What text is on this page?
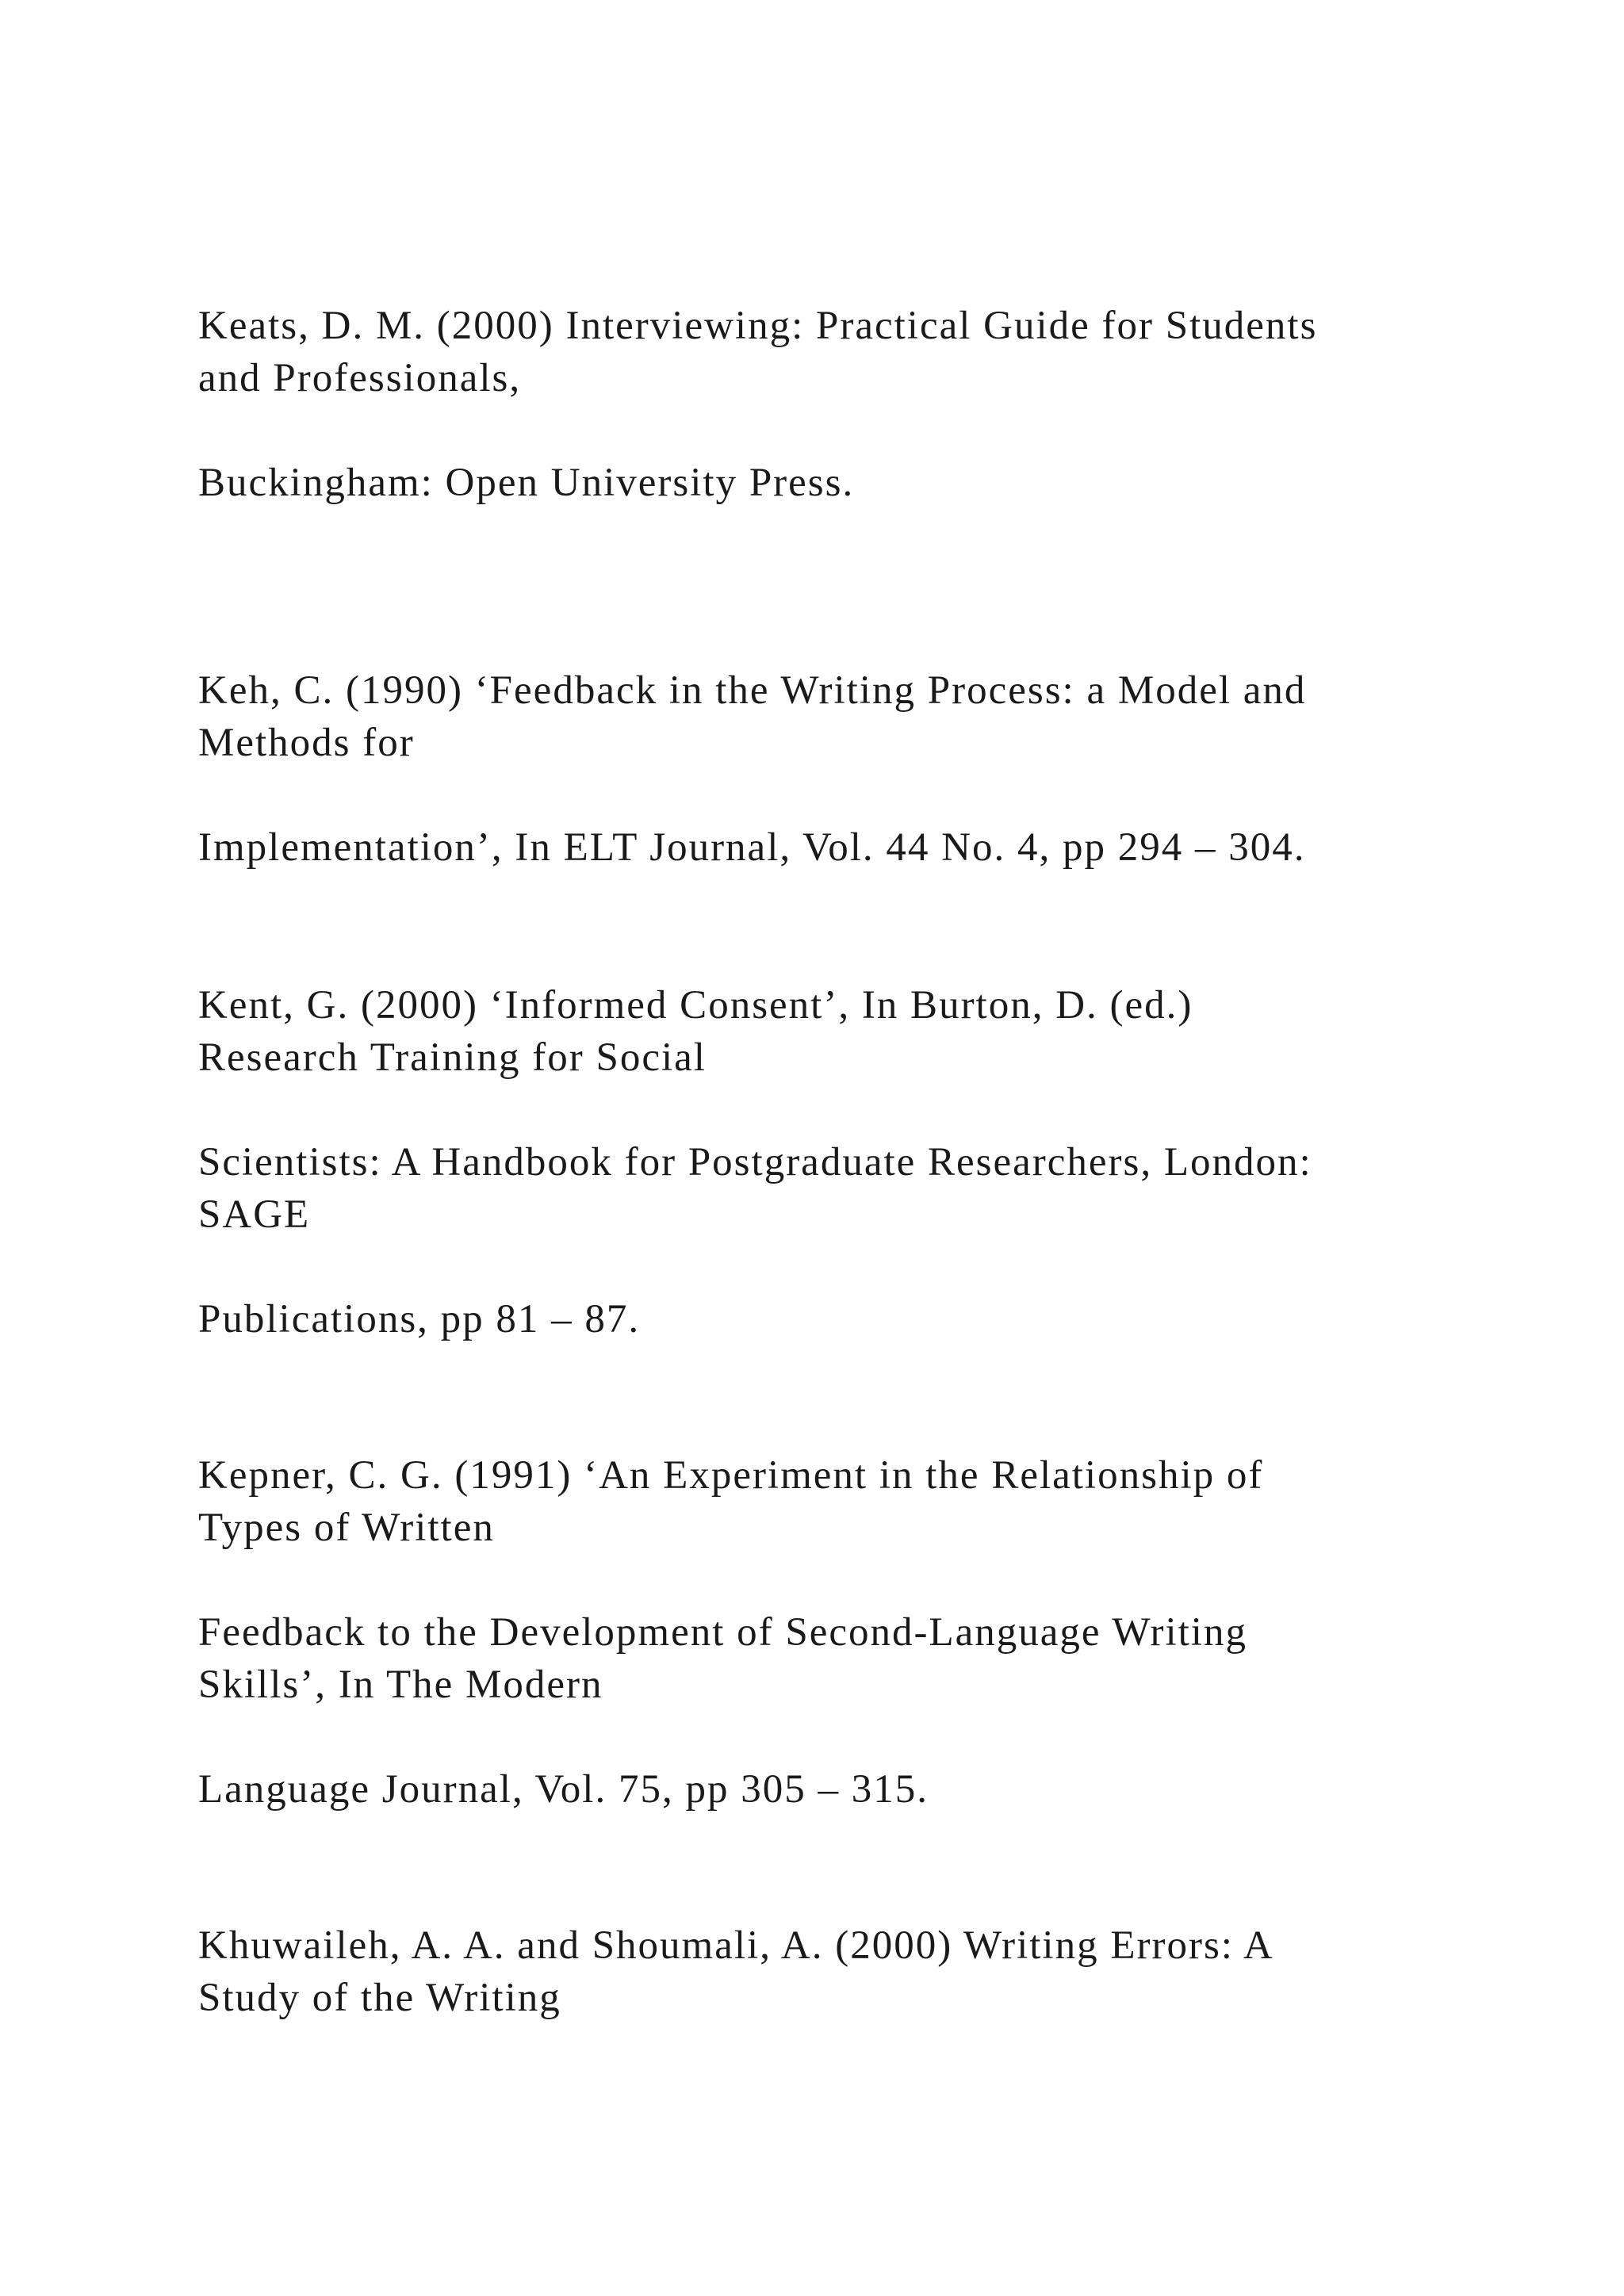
Keats, D. M. (2000) Interviewing: Practical Guide for Students

and Professionals,

Buckingham: Open University Press.

Keh, C. (1990) ‘Feedback in the Writing Process: a Model and

Methods for

Implementation’, In ELT Journal, Vol. 44 No. 4, pp 294 – 304.

Kent, G. (2000) ‘Informed Consent’, In Burton, D. (ed.)

Research Training for Social

Scientists: A Handbook for Postgraduate Researchers, London:

SAGE

Publications, pp 81 – 87.

Kepner, C. G. (1991) ‘An Experiment in the Relationship of

Types of Written

Feedback to the Development of Second-Language Writing

Skills’, In The Modern

Language Journal, Vol. 75, pp 305 – 315.

Khuwaileh, A. A. and Shoumali, A. (2000) Writing Errors: A

Study of the Writing
